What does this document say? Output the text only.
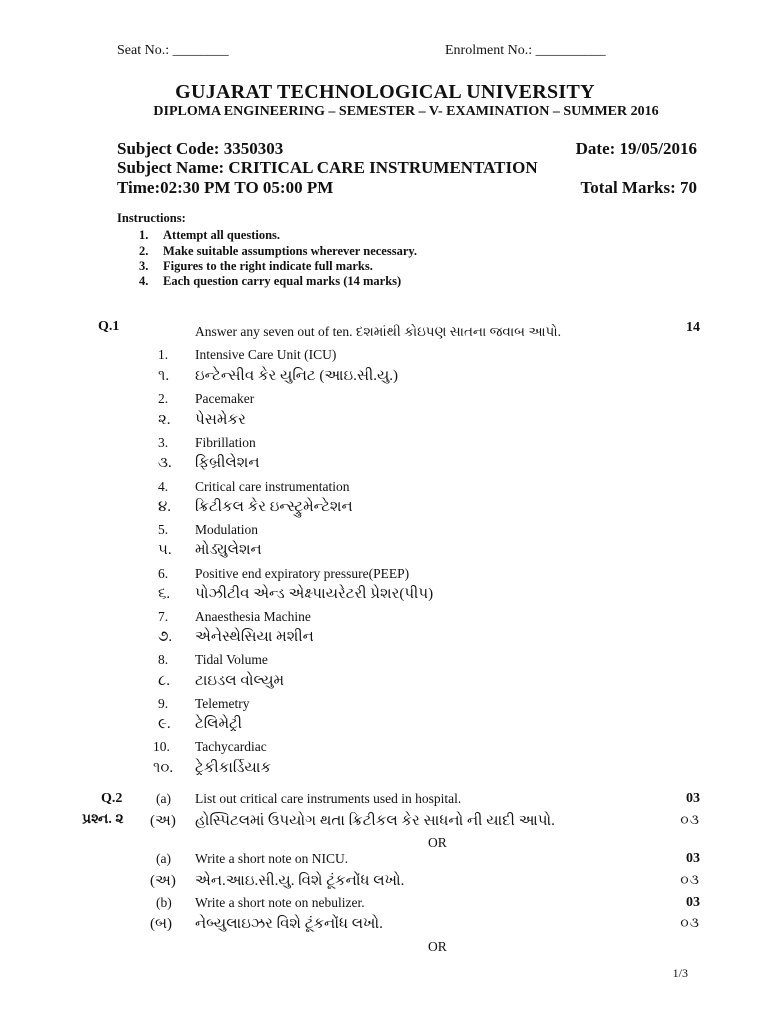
Seat No.: ________	Enrolment No.: __________
GUJARAT TECHNOLOGICAL UNIVERSITY
DIPLOMA ENGINEERING – SEMESTER – V- EXAMINATION – SUMMER 2016
Subject Code: 3350303	Date: 19/05/2016
Subject Name: CRITICAL CARE INSTRUMENTATION
Time:02:30 PM TO 05:00 PM	Total Marks: 70
Instructions:
1. Attempt all questions.
2. Make suitable assumptions wherever necessary.
3. Figures to the right indicate full marks.
4. Each question carry equal marks (14 marks)
Q.1	Answer any seven out of ten. દશમાંથી કોઇપણ સાતના જવાબ આપો.	14
1. Intensive Care Unit (ICU)
૧. ઇન્ટેન્સીવ કેર યુનિટ (આઇ.સી.યુ.)
2. Pacemaker
૨. પેસમેકર
3. Fibrillation
૩. ફિબ્રીલેશન
4. Critical care instrumentation
૪. ક્રિટીકલ કેર ઇન્સ્ટ્રુમેન્ટેશન
5. Modulation
૫. મોડ્યુલેશન
6. Positive end expiratory pressure(PEEP)
૬. પોઝીટીવ એન્ડ એક્ષ્પાયરેટરી પ્રેશર(પીપ)
7. Anaesthesia Machine
૭. એનેસ્થેસિયા મશીન
8. Tidal Volume
૮. ટાઇડલ વોલ્યુમ
9. Telemetry
૯. ટેલિમેટ્રી
10. Tachycardiac
૧૦. ટ્રેકીકાર્ડિયાક
Q.2 (a) List out critical care instruments used in hospital.	03
પ્રશ્ન. ૨ (અ) હોસ્પિટલમાં ઉપયોગ થતા ક્રિટીકલ કેર સાધનો ની યાદી આપો.	૦૩
OR
(a) Write a short note on NICU.	03
(અ) એન.આઇ.સી.યુ. વિશે ટૂંકનોંધ લખો.	૦૩
(b) Write a short note on nebulizer.	03
(બ) નેબ્યુલાઇઝર વિશે ટૂંકનોંધ લખો.	૦૩
OR
1/3
